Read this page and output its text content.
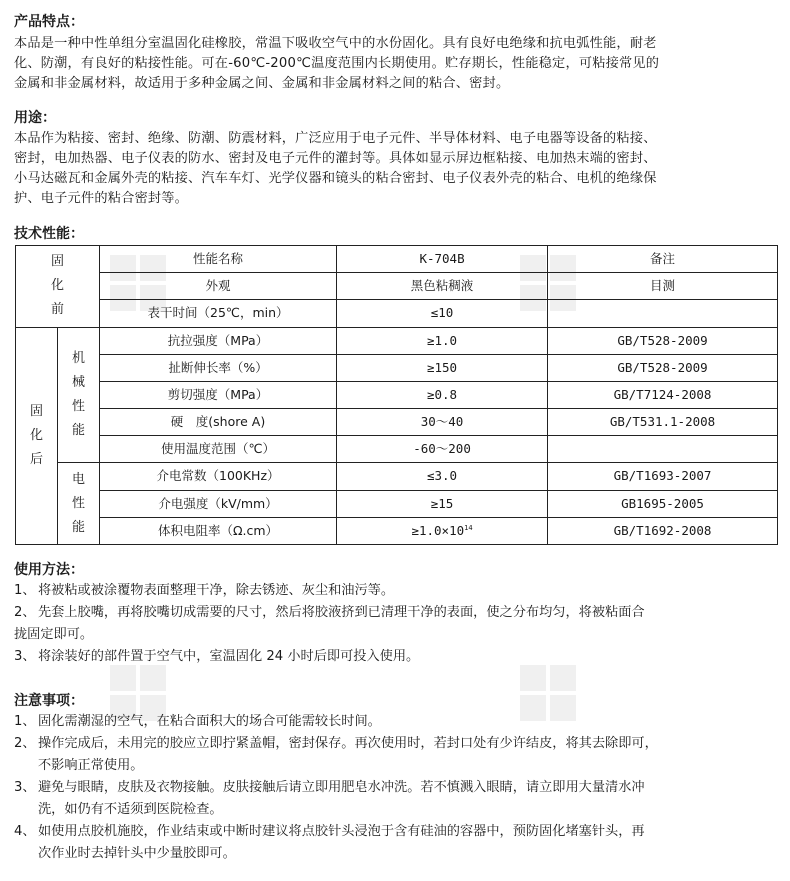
产品特点：
本品是一种中性单组分室温固化硅橡胶，常温下吸收空气中的水份固化。具有良好电绝缘和抗电弧性能，耐老
化、防潮，有良好的粘接性能。可在-60℃-200℃温度范围内长期使用。贮存期长，性能稳定，可粘接常见的
金属和非金属材料，故适用于多种金属之间、金属和非金属材料之间的粘合、密封。
用途：
本品作为粘接、密封、绝缘、防潮、防震材料，广泛应用于电子元件、半导体材料、电子电器等设备的粘接、
密封，电加热器、电子仪表的防水、密封及电子元件的灌封等。具体如显示屏边框粘接、电加热末端的密封、
小马达磁瓦和金属外壳的粘接、汽车车灯、光学仪器和镜头的粘合密封、电子仪表外壳的粘合、电机的绝缘保
护、电子元件的粘合密封等。
技术性能：
固
化
前		性能名称	K-704B	备注
		外观	黑色粘稠液	目测
		表干时间（25℃，min）	≤10	

固
化
后	机
械
性
能	抗拉强度（MPa）	≥1.0	GB/T528-2009
		扯断伸长率（%）	≥150	GB/T528-2009
		剪切强度（MPa）	≥0.8	GB/T7124-2008
		硬　度(shore A)	30～40	GB/T531.1-2008
		使用温度范围（℃）	-60～200	

	电
性
能	介电常数（100KHz）	≤3.0	GB/T1693-2007
		介电强度（kV/mm）	≥15	GB1695-2005
		体积电阻率（Ω.cm）	$\ge 1.0\times 10^{14}$	GB/T1692-2008
使用方法：
1、 将被粘或被涂覆物表面整理干净，除去锈迹、灰尘和油污等。
2、 先套上胶嘴，再将胶嘴切成需要的尺寸，然后将胶液挤到已清理干净的表面，使之分布均匀，将被粘面合
拢固定即可。
3、 将涂装好的部件置于空气中，室温固化 24 小时后即可投入使用。
注意事项：
1、 固化需潮湿的空气，在粘合面积大的场合可能需较长时间。
2、 操作完成后，未用完的胶应立即拧紧盖帽，密封保存。再次使用时，若封口处有少许结皮，将其去除即可，
不影响正常使用。
3、 避免与眼睛，皮肤及衣物接触。皮肤接触后请立即用肥皂水冲洗。若不慎溅入眼睛，请立即用大量清水冲
洗，如仍有不适须到医院检查。
4、 如使用点胶机施胶，作业结束或中断时建议将点胶针头浸泡于含有硅油的容器中，预防固化堵塞针头，再
次作业时去掉针头中少量胶即可。
